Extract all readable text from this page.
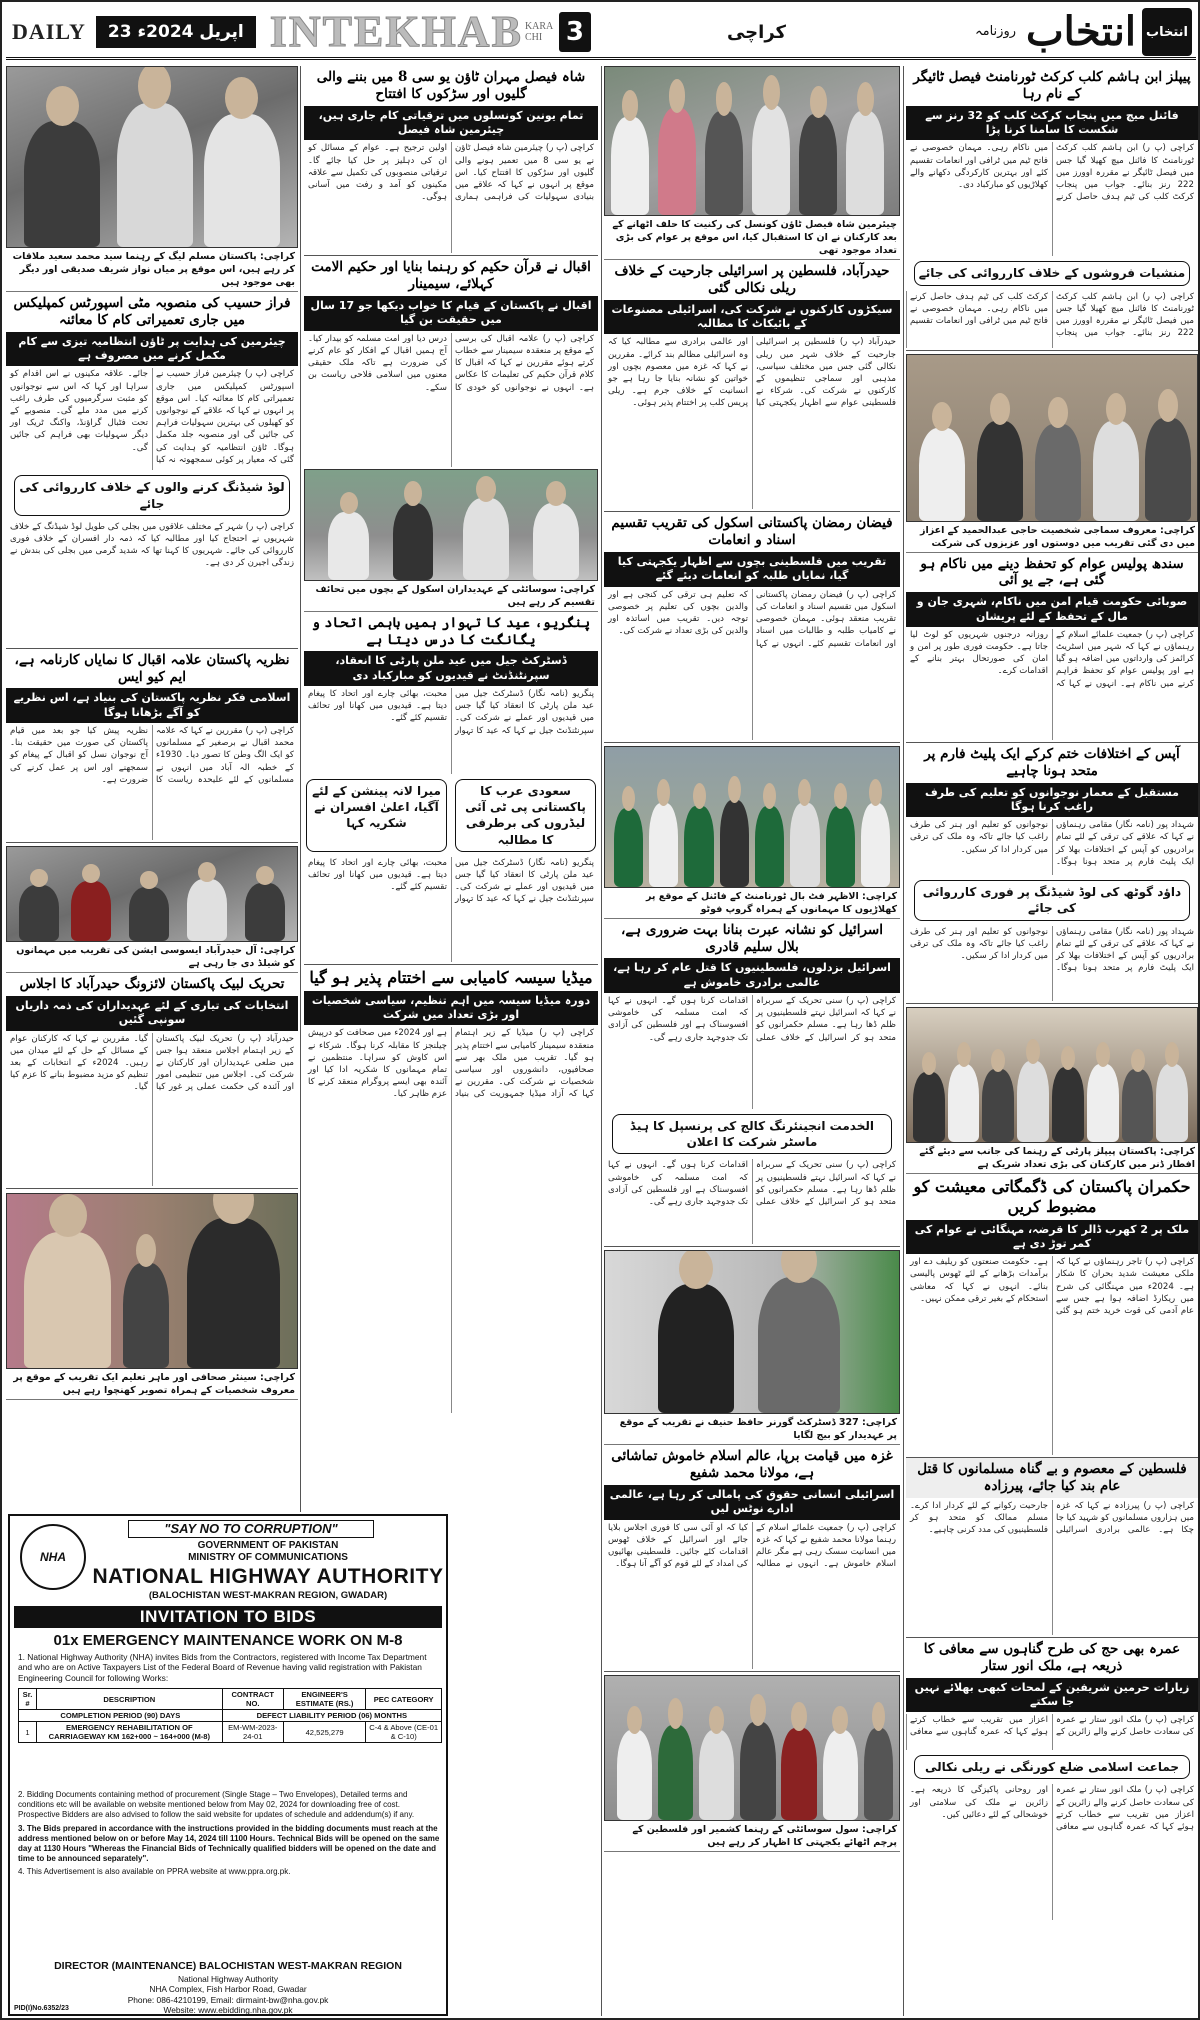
DAILY	23 اپریل 2024ء INTEKHAB KARA CHI 3	کراچی	انتخاب
روزنامہ	انتخاب
کراچی: پاکستان مسلم لیگ کے رہنما سید محمد سعید ملاقات کر رہے ہیں، اس موقع پر میاں نواز شریف صدیقی اور دیگر بھی موجود ہیں
فراز حسیب کی منصوبہ مٹی اسپورٹس کمپلیکس میں جاری تعمیراتی کام کا معائنہ
چیئرمین کی ہدایت پر ٹاؤن انتظامیہ تیزی سے کام مکمل کرنے میں مصروف ہے
کراچی (پ ر) چیئرمین فراز حسیب نے اسپورٹس کمپلیکس میں جاری تعمیراتی کام کا معائنہ کیا۔ اس موقع پر انہوں نے کہا کہ علاقے کے نوجوانوں کو کھیلوں کی بہترین سہولیات فراہم کی جائیں گی اور منصوبہ جلد مکمل ہوگا۔ ٹاؤن انتظامیہ کو ہدایت کی گئی کہ معیار پر کوئی سمجھوتہ نہ کیا جائے۔ علاقہ مکینوں نے اس اقدام کو سراہا اور کہا کہ اس سے نوجوانوں کو مثبت سرگرمیوں کی طرف راغب کرنے میں مدد ملے گی۔ منصوبے کے تحت فٹبال گراؤنڈ، واکنگ ٹریک اور دیگر سہولیات بھی فراہم کی جائیں گی۔
لوڈ شیڈنگ کرنے والوں کے خلاف کارروائی کی جائے
کراچی (پ ر) شہر کے مختلف علاقوں میں بجلی کی طویل لوڈ شیڈنگ کے خلاف شہریوں نے احتجاج کیا اور مطالبہ کیا کہ ذمہ دار افسران کے خلاف فوری کارروائی کی جائے۔ شہریوں کا کہنا تھا کہ شدید گرمی میں بجلی کی بندش نے زندگی اجیرن کر دی ہے۔
نظریہ پاکستان علامہ اقبال کا نمایاں کارنامہ ہے، ایم کیو ایس
اسلامی فکر نظریہ پاکستان کی بنیاد ہے، اس نظریے کو آگے بڑھانا ہوگا
کراچی (پ ر) مقررین نے کہا کہ علامہ محمد اقبال نے برصغیر کے مسلمانوں کو ایک الگ وطن کا تصور دیا۔ 1930ء کے خطبہ الہ آباد میں انہوں نے مسلمانوں کے لئے علیحدہ ریاست کا نظریہ پیش کیا جو بعد میں قیام پاکستان کی صورت میں حقیقت بنا۔ آج نوجوان نسل کو اقبال کے پیغام کو سمجھنے اور اس پر عمل کرنے کی ضرورت ہے۔
کراچی: آل حیدرآباد ایسوسی ایشن کی تقریب میں مہمانوں کو شیلڈ دی جا رہی ہے
تحریک لبیک پاکستان لائزونگ حیدرآباد کا اجلاس
انتخابات کی تیاری کے لئے عہدیداران کی ذمہ داریاں سونپی گئیں
حیدرآباد (پ ر) تحریک لبیک پاکستان کے زیر اہتمام اجلاس منعقد ہوا جس میں ضلعی عہدیداران اور کارکنان نے شرکت کی۔ اجلاس میں تنظیمی امور اور آئندہ کی حکمت عملی پر غور کیا گیا۔ مقررین نے کہا کہ کارکنان عوام کے مسائل کے حل کے لئے میدان میں رہیں۔ 2024ء کے انتخابات کے بعد تنظیم کو مزید مضبوط بنانے کا عزم کیا گیا۔
کراچی: سینئر صحافی اور ماہر تعلیم ایک تقریب کے موقع پر معروف شخصیات کے ہمراہ تصویر کھنچوا رہے ہیں
شاہ فیصل مہران ٹاؤن یو سی 8 میں بننے والی گلیوں اور سڑکوں کا افتتاح
تمام یونین کونسلوں میں ترقیاتی کام جاری ہیں، چیئرمین شاہ فیصل
کراچی (پ ر) چیئرمین شاہ فیصل ٹاؤن نے یو سی 8 میں تعمیر ہونے والی گلیوں اور سڑکوں کا افتتاح کیا۔ اس موقع پر انہوں نے کہا کہ علاقے میں بنیادی سہولیات کی فراہمی ہماری اولین ترجیح ہے۔ عوام کے مسائل کو ان کی دہلیز پر حل کیا جائے گا۔ ترقیاتی منصوبوں کی تکمیل سے علاقہ مکینوں کو آمد و رفت میں آسانی ہوگی۔
اقبال نے قرآن حکیم کو رہنما بنایا اور حکیم الامت کہلائے، سیمینار
اقبال نے پاکستان کے قیام کا خواب دیکھا جو 17 سال میں حقیقت بن گیا
کراچی (پ ر) علامہ اقبال کی برسی کے موقع پر منعقدہ سیمینار سے خطاب کرتے ہوئے مقررین نے کہا کہ اقبال کا کلام قرآن حکیم کی تعلیمات کا عکاس ہے۔ انہوں نے نوجوانوں کو خودی کا درس دیا اور امت مسلمہ کو بیدار کیا۔ آج ہمیں اقبال کے افکار کو عام کرنے کی ضرورت ہے تاکہ ملک حقیقی معنوں میں اسلامی فلاحی ریاست بن سکے۔
کراچی: سوسائٹی کے عہدیداران اسکول کے بچوں میں تحائف تقسیم کر رہے ہیں
پنگریو، عید کا تہوار ہمیں باہمی اتحاد و یگانگت کا درس دیتا ہے
ڈسٹرکٹ جیل میں عید ملن پارٹی کا انعقاد، سپرنٹنڈنٹ نے قیدیوں کو مبارکباد دی
پنگریو (نامہ نگار) ڈسٹرکٹ جیل میں عید ملن پارٹی کا انعقاد کیا گیا جس میں قیدیوں اور عملے نے شرکت کی۔ سپرنٹنڈنٹ جیل نے کہا کہ عید کا تہوار محبت، بھائی چارے اور اتحاد کا پیغام دیتا ہے۔ قیدیوں میں کھانا اور تحائف تقسیم کئے گئے۔
میرا لانہ پینشن کے لئے آگیا، اعلیٰ افسران نے شکریہ کہا
سعودی عرب کا پاکستانی پی ٹی آئی لیڈروں کی برطرفی کا مطالبہ
پنگریو (نامہ نگار) ڈسٹرکٹ جیل میں عید ملن پارٹی کا انعقاد کیا گیا جس میں قیدیوں اور عملے نے شرکت کی۔ سپرنٹنڈنٹ جیل نے کہا کہ عید کا تہوار محبت، بھائی چارے اور اتحاد کا پیغام دیتا ہے۔ قیدیوں میں کھانا اور تحائف تقسیم کئے گئے۔
میڈیا سیسہ کامیابی سے اختتام پذیر ہو گیا
دورہ میڈیا سیسہ میں اہم تنظیم، سیاسی شخصیات اور بڑی تعداد میں شرکت
کراچی (پ ر) میڈیا کے زیر اہتمام منعقدہ سیمینار کامیابی سے اختتام پذیر ہو گیا۔ تقریب میں ملک بھر سے صحافیوں، دانشوروں اور سیاسی شخصیات نے شرکت کی۔ مقررین نے کہا کہ آزاد میڈیا جمہوریت کی بنیاد ہے اور 2024ء میں صحافت کو درپیش چیلنجز کا مقابلہ کرنا ہوگا۔ شرکاء نے اس کاوش کو سراہا۔ منتظمین نے تمام مہمانوں کا شکریہ ادا کیا اور آئندہ بھی ایسے پروگرام منعقد کرنے کا عزم ظاہر کیا۔
چیئرمین شاہ فیصل ٹاؤن کونسل کی رکنیت کا حلف اٹھانے کے بعد کارکنان نے ان کا استقبال کیا، اس موقع پر عوام کی بڑی تعداد موجود تھی
حیدرآباد، فلسطین پر اسرائیلی جارحیت کے خلاف ریلی نکالی گئی
سیکڑوں کارکنوں نے شرکت کی، اسرائیلی مصنوعات کے بائیکاٹ کا مطالبہ
حیدرآباد (پ ر) فلسطین پر اسرائیلی جارحیت کے خلاف شہر میں ریلی نکالی گئی جس میں مختلف سیاسی، مذہبی اور سماجی تنظیموں کے کارکنوں نے شرکت کی۔ شرکاء نے فلسطینی عوام سے اظہار یکجہتی کیا اور عالمی برادری سے مطالبہ کیا کہ وہ اسرائیلی مظالم بند کرائے۔ مقررین نے کہا کہ غزہ میں معصوم بچوں اور خواتین کو نشانہ بنایا جا رہا ہے جو انسانیت کے خلاف جرم ہے۔ ریلی پریس کلب پر اختتام پذیر ہوئی۔
فیضان رمضان پاکستانی اسکول کی تقریب تقسیم اسناد و انعامات
تقریب میں فلسطینی بچوں سے اظہار یکجہتی کیا گیا، نمایاں طلبہ کو انعامات دیئے گئے
کراچی (پ ر) فیضان رمضان پاکستانی اسکول میں تقسیم اسناد و انعامات کی تقریب منعقد ہوئی۔ مہمان خصوصی نے کامیاب طلبہ و طالبات میں اسناد اور انعامات تقسیم کئے۔ انہوں نے کہا کہ تعلیم ہی ترقی کی کنجی ہے اور والدین بچوں کی تعلیم پر خصوصی توجہ دیں۔ تقریب میں اساتذہ اور والدین کی بڑی تعداد نے شرکت کی۔
کراچی: الاظہر فٹ بال ٹورنامنٹ کے فائنل کے موقع پر کھلاڑیوں کا مہمانوں کے ہمراہ گروپ فوٹو
اسرائیل کو نشانہ عبرت بنانا بہت ضروری ہے، بلال سلیم قادری
اسرائیل بزدلوں، فلسطینیوں کا قتل عام کر رہا ہے، عالمی برادری خاموش ہے
کراچی (پ ر) سنی تحریک کے سربراہ نے کہا کہ اسرائیل نہتے فلسطینیوں پر ظلم ڈھا رہا ہے۔ مسلم حکمرانوں کو متحد ہو کر اسرائیل کے خلاف عملی اقدامات کرنا ہوں گے۔ انہوں نے کہا کہ امت مسلمہ کی خاموشی افسوسناک ہے اور فلسطین کی آزادی تک جدوجہد جاری رہے گی۔
الخدمت انجینئرنگ کالج کی پرنسپل کا ہیڈ ماسٹر شرکت کا اعلان
کراچی (پ ر) سنی تحریک کے سربراہ نے کہا کہ اسرائیل نہتے فلسطینیوں پر ظلم ڈھا رہا ہے۔ مسلم حکمرانوں کو متحد ہو کر اسرائیل کے خلاف عملی اقدامات کرنا ہوں گے۔ انہوں نے کہا کہ امت مسلمہ کی خاموشی افسوسناک ہے اور فلسطین کی آزادی تک جدوجہد جاری رہے گی۔
کراچی: 327 ڈسٹرکٹ گورنر حافظ حنیف نے تقریب کے موقع پر عہدیدار کو بیج لگایا
غزہ میں قیامت برپا، عالم اسلام خاموش تماشائی ہے، مولانا محمد شفیع
اسرائیلی انسانی حقوق کی پامالی کر رہا ہے، عالمی ادارے نوٹس لیں
کراچی (پ ر) جمعیت علمائے اسلام کے رہنما مولانا محمد شفیع نے کہا کہ غزہ میں انسانیت سسک رہی ہے مگر عالم اسلام خاموش ہے۔ انہوں نے مطالبہ کیا کہ او آئی سی کا فوری اجلاس بلایا جائے اور اسرائیل کے خلاف ٹھوس اقدامات کئے جائیں۔ فلسطینی بھائیوں کی امداد کے لئے قوم کو آگے آنا ہوگا۔
کراچی: سول سوسائٹی کے رہنما کشمیر اور فلسطین کے پرچم اٹھائے یکجہتی کا اظہار کر رہے ہیں
پیپلز ابن ہاشم کلب کرکٹ ٹورنامنٹ فیصل ٹائیگر کے نام رہا
فائنل میچ میں پنجاب کرکٹ کلب کو 32 رنز سے شکست کا سامنا کرنا پڑا
کراچی (پ ر) ابن ہاشم کلب کرکٹ ٹورنامنٹ کا فائنل میچ کھیلا گیا جس میں فیصل ٹائیگر نے مقررہ اوورز میں 222 رنز بنائے۔ جواب میں پنجاب کرکٹ کلب کی ٹیم ہدف حاصل کرنے میں ناکام رہی۔ مہمان خصوصی نے فاتح ٹیم میں ٹرافی اور انعامات تقسیم کئے اور بہترین کارکردگی دکھانے والے کھلاڑیوں کو مبارکباد دی۔
منشیات فروشوں کے خلاف کارروائی کی جائے
کراچی (پ ر) ابن ہاشم کلب کرکٹ ٹورنامنٹ کا فائنل میچ کھیلا گیا جس میں فیصل ٹائیگر نے مقررہ اوورز میں 222 رنز بنائے۔ جواب میں پنجاب کرکٹ کلب کی ٹیم ہدف حاصل کرنے میں ناکام رہی۔ مہمان خصوصی نے فاتح ٹیم میں ٹرافی اور انعامات تقسیم
کراچی: معروف سماجی شخصیت حاجی عبدالحمید کے اعزاز میں دی گئی تقریب میں دوستوں اور عزیزوں کی شرکت
سندھ پولیس عوام کو تحفظ دینے میں ناکام ہو گئی ہے، جے یو آئی
صوبائی حکومت قیام امن میں ناکام، شہری جان و مال کے تحفظ کے لئے پریشان
کراچی (پ ر) جمعیت علمائے اسلام کے رہنماؤں نے کہا کہ شہر میں اسٹریٹ کرائمز کی وارداتوں میں اضافہ ہو گیا ہے اور پولیس عوام کو تحفظ فراہم کرنے میں ناکام ہے۔ انہوں نے کہا کہ روزانہ درجنوں شہریوں کو لوٹ لیا جاتا ہے۔ حکومت فوری طور پر امن و امان کی صورتحال بہتر بنانے کے اقدامات کرے۔
آپس کے اختلافات ختم کرکے ایک پلیٹ فارم پر متحد ہونا چاہیے
مستقبل کے معمار نوجوانوں کو تعلیم کی طرف راغب کرنا ہوگا
شہداد پور (نامہ نگار) مقامی رہنماؤں نے کہا کہ علاقے کی ترقی کے لئے تمام برادریوں کو آپس کے اختلافات بھلا کر ایک پلیٹ فارم پر متحد ہونا ہوگا۔ نوجوانوں کو تعلیم اور ہنر کی طرف راغب کیا جائے تاکہ وہ ملک کی ترقی میں کردار ادا کر سکیں۔
داؤد گوٹھ کی لوڈ شیڈنگ پر فوری کارروائی کی جائے
شہداد پور (نامہ نگار) مقامی رہنماؤں نے کہا کہ علاقے کی ترقی کے لئے تمام برادریوں کو آپس کے اختلافات بھلا کر ایک پلیٹ فارم پر متحد ہونا ہوگا۔ نوجوانوں کو تعلیم اور ہنر کی طرف راغب کیا جائے تاکہ وہ ملک کی ترقی میں کردار ادا کر سکیں۔
کراچی: پاکستان پیپلز پارٹی کے رہنما کی جانب سے دیئے گئے افطار ڈنر میں کارکنان کی بڑی تعداد شریک ہے
حکمران پاکستان کی ڈگمگاتی معیشت کو مضبوط کریں
ملک پر 2 کھرب ڈالر کا قرضہ، مہنگائی نے عوام کی کمر توڑ دی ہے
کراچی (پ ر) تاجر رہنماؤں نے کہا کہ ملکی معیشت شدید بحران کا شکار ہے۔ 2024ء میں مہنگائی کی شرح میں ریکارڈ اضافہ ہوا ہے جس سے عام آدمی کی قوت خرید ختم ہو گئی ہے۔ حکومت صنعتوں کو ریلیف دے اور برآمدات بڑھانے کے لئے ٹھوس پالیسی بنائے۔ انہوں نے کہا کہ معاشی استحکام کے بغیر ترقی ممکن نہیں۔
فلسطین کے معصوم و بے گناہ مسلمانوں کا قتل عام بند کیا جائے، پیرزادہ
کراچی (پ ر) پیرزادہ نے کہا کہ غزہ میں ہزاروں مسلمانوں کو شہید کیا جا چکا ہے۔ عالمی برادری اسرائیلی جارحیت رکوانے کے لئے کردار ادا کرے۔ مسلم ممالک کو متحد ہو کر فلسطینیوں کی مدد کرنی چاہیے۔
عمرہ بھی حج کی طرح گناہوں سے معافی کا ذریعہ ہے، ملک انور ستار
زیارات حرمین شریفین کے لمحات کبھی بھلائے نہیں جا سکتے
کراچی (پ ر) ملک انور ستار نے عمرہ کی سعادت حاصل کرنے والے زائرین کے اعزاز میں تقریب سے خطاب کرتے ہوئے کہا کہ عمرہ گناہوں سے معافی
جماعت اسلامی ضلع کورنگی نے ریلی نکالی
کراچی (پ ر) ملک انور ستار نے عمرہ کی سعادت حاصل کرنے والے زائرین کے اعزاز میں تقریب سے خطاب کرتے ہوئے کہا کہ عمرہ گناہوں سے معافی اور روحانی پاکیزگی کا ذریعہ ہے۔ زائرین نے ملک کی سلامتی اور خوشحالی کے لئے دعائیں کیں۔
NHA
"SAY NO TO CORRUPTION"
GOVERNMENT OF PAKISTAN
MINISTRY OF COMMUNICATIONS
NATIONAL HIGHWAY AUTHORITY
(BALOCHISTAN WEST-MAKRAN REGION, GWADAR)
INVITATION TO BIDS
01x EMERGENCY MAINTENANCE WORK ON M-8
1. National Highway Authority (NHA) invites Bids from the Contractors, registered with Income Tax Department and who are on Active Taxpayers List of the Federal Board of Revenue having valid registration with Pakistan Engineering Council for following Works:
Sr. #	DESCRIPTION	CONTRACT NO.	ENGINEER'S ESTIMATE (RS.)	PEC CATEGORY
COMPLETION PERIOD (90) DAYS		DEFECT LIABILITY PERIOD (06) MONTHS		
1	EMERGENCY REHABILITATION OF CARRIAGEWAY KM 162+000 ~ 164+000 (M-8)	EM-WM-2023-24-01	42,525,279	C-4 & Above (CE-01 & C-10)
2. Bidding Documents containing method of procurement (Single Stage – Two Envelopes), Detailed terms and conditions etc will be available on website mentioned below from May 02, 2024 for downloading free of cost. Prospective Bidders are also advised to follow the said website for updates of schedule and addendum(s) if any.
3. The Bids prepared in accordance with the instructions provided in the bidding documents must reach at the address mentioned below on or before May 14, 2024 till 1100 Hours. Technical Bids will be opened on the same day at 1130 Hours "Whereas the Financial Bids of Technically qualified bidders will be opened on the date and time to be announced separately".
4. This Advertisement is also available on PPRA website at www.ppra.org.pk.
DIRECTOR (MAINTENANCE) BALOCHISTAN WEST-MAKRAN REGION
National Highway Authority
NHA Complex, Fish Harbor Road, Gwadar
Phone: 086-4210199, Email: dirmaint-bw@nha.gov.pk
Website: www.ebidding.nha.gov.pk
PID(I)No.6352/23
